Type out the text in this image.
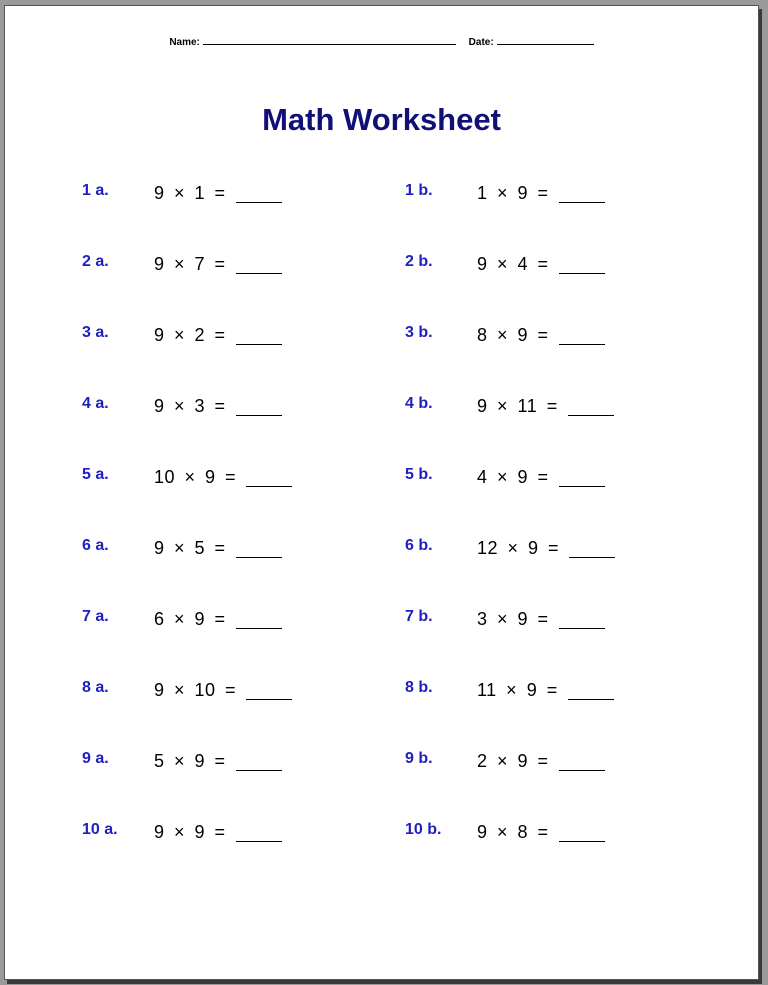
Name:	Date:
Math Worksheet
1 a.	9 × 1 =
2 a.	9 × 7 =
3 a.	9 × 2 =
4 a.	9 × 3 =
5 a.	10 × 9 =
6 a.	9 × 5 =
7 a.	6 × 9 =
8 a.	9 × 10 =
9 a.	5 × 9 =
10 a.	9 × 9 =
1 b.	1 × 9 =
2 b.	9 × 4 =
3 b.	8 × 9 =
4 b.	9 × 11 =
5 b.	4 × 9 =
6 b.	12 × 9 =
7 b.	3 × 9 =
8 b.	11 × 9 =
9 b.	2 × 9 =
10 b.	9 × 8 =
